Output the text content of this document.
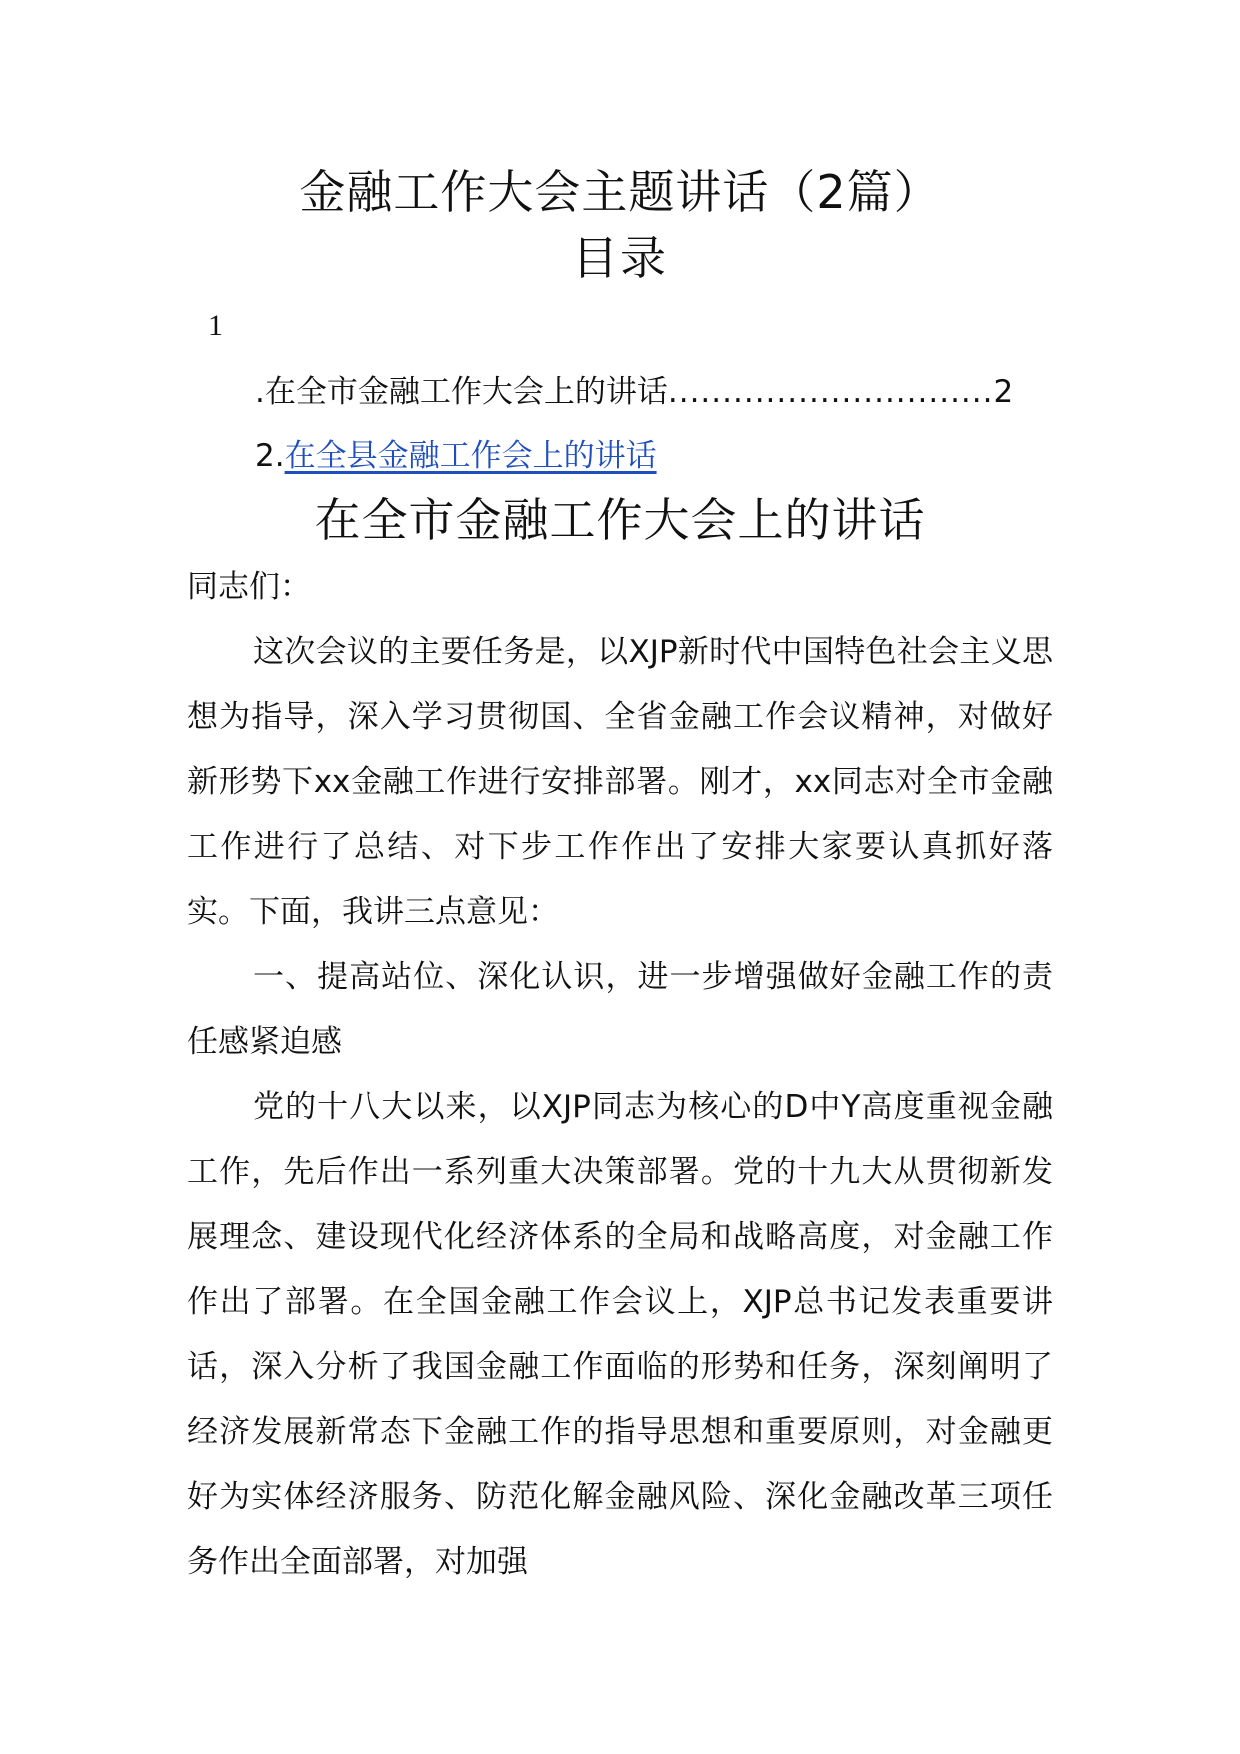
金融工作大会主题讲话（2篇）
目录
1
.在全市金融工作大会上的讲话..............................2
2.在全县金融工作会上的讲话
在全市金融工作大会上的讲话

同志们：

这次会议的主要任务是，以XJP新时代中国特色社会主义思想为指导，深入学习贯彻国、全省金融工作会议精神，对做好新形势下xx金融工作进行安排部署。刚才，xx同志对全市金融工作进行了总结、对下步工作作出了安排大家要认真抓好落实。下面，我讲三点意见：

一、提高站位、深化认识，进一步增强做好金融工作的责任感紧迫感

党的十八大以来，以XJP同志为核心的D中Y高度重视金融工作，先后作出一系列重大决策部署。党的十九大从贯彻新发展理念、建设现代化经济体系的全局和战略高度，对金融工作作出了部署。在全国金融工作会议上，XJP总书记发表重要讲话，深入分析了我国金融工作面临的形势和任务，深刻阐明了经济发展新常态下金融工作的指导思想和重要原则，对金融更好为实体经济服务、防范化解金融风险、深化金融改革三项任务作出全面部署，对加强
